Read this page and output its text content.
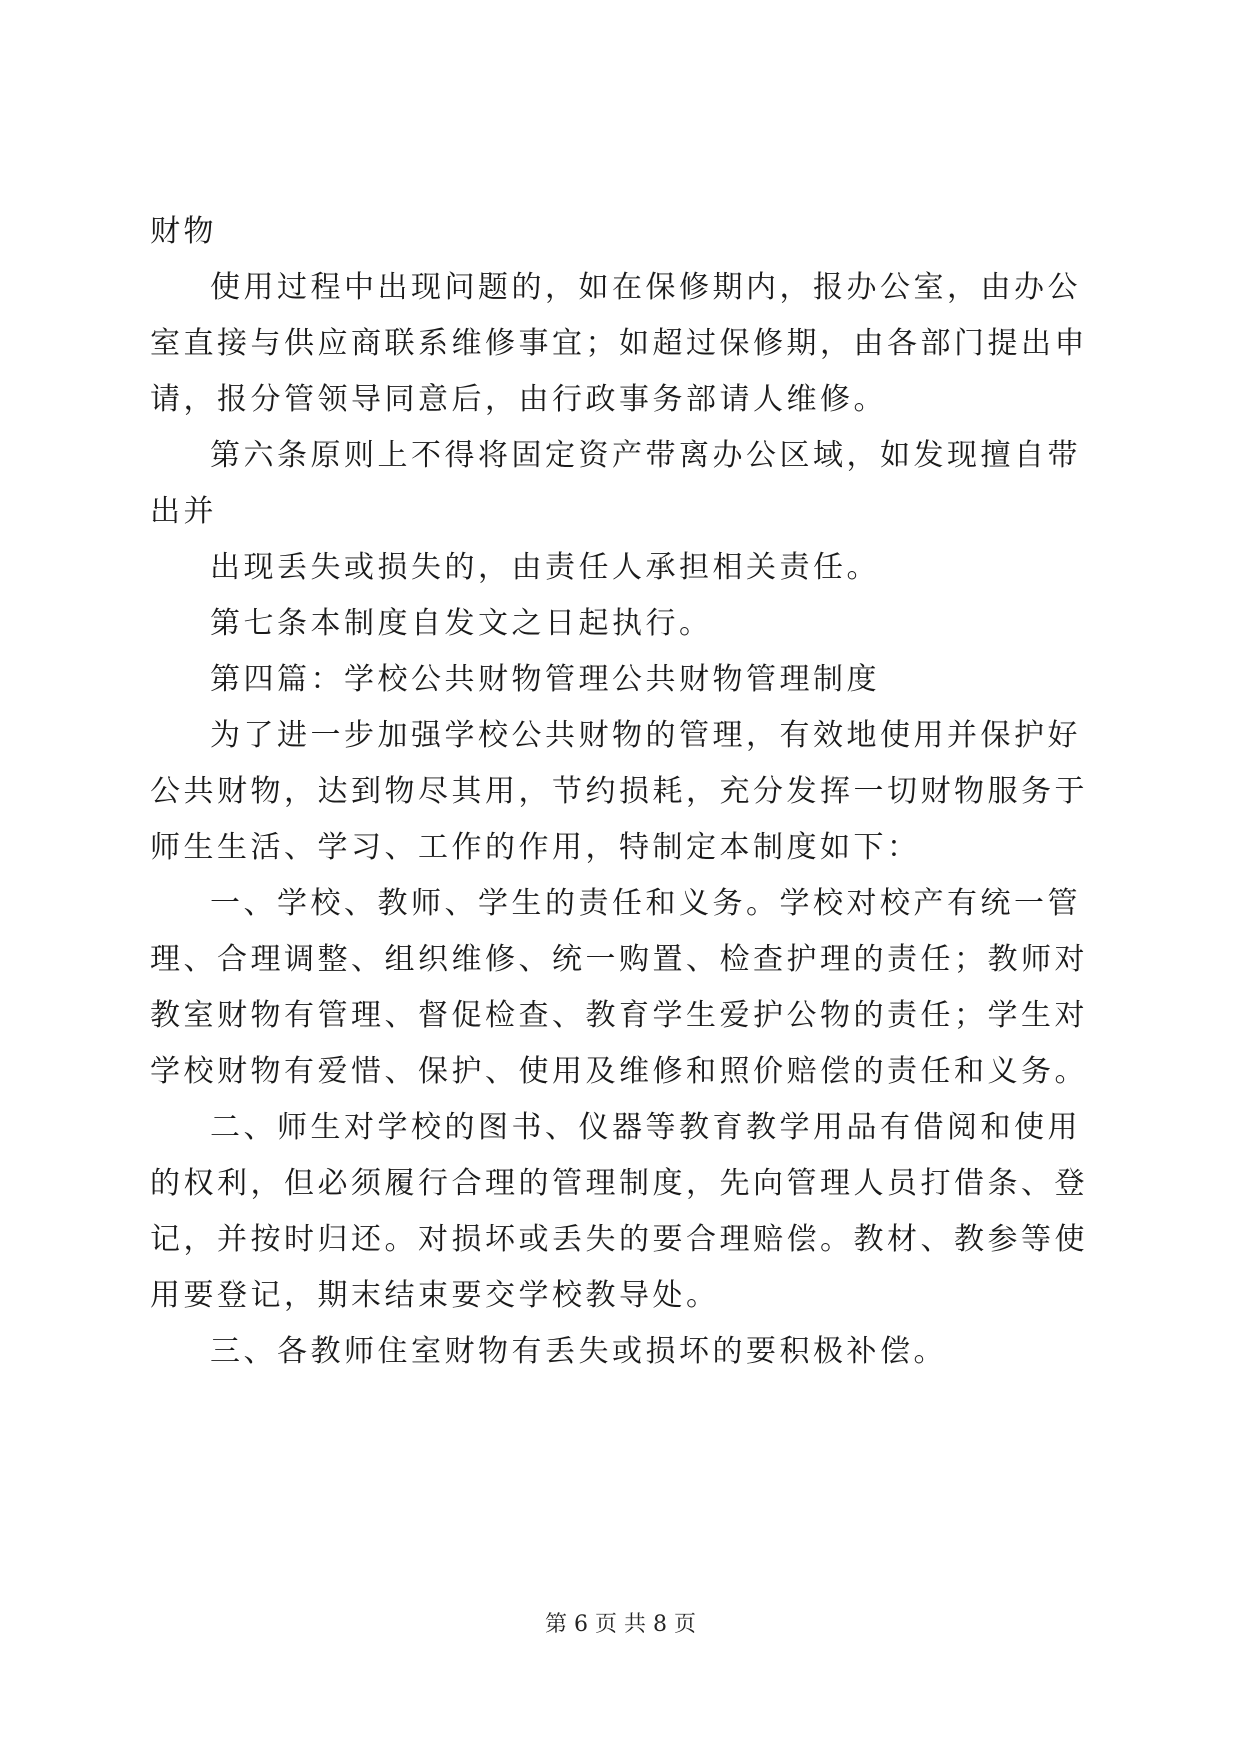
财物
使用过程中出现问题的，如在保修期内，报办公室，由办公
室直接与供应商联系维修事宜；如超过保修期，由各部门提出申
请，报分管领导同意后，由行政事务部请人维修。
第六条原则上不得将固定资产带离办公区域，如发现擅自带
出并
出现丢失或损失的，由责任人承担相关责任。
第七条本制度自发文之日起执行。
第四篇：学校公共财物管理公共财物管理制度
为了进一步加强学校公共财物的管理，有效地使用并保护好
公共财物，达到物尽其用，节约损耗，充分发挥一切财物服务于
师生生活、学习、工作的作用，特制定本制度如下：
一、学校、教师、学生的责任和义务。学校对校产有统一管
理、合理调整、组织维修、统一购置、检查护理的责任；教师对
教室财物有管理、督促检查、教育学生爱护公物的责任；学生对
学校财物有爱惜、保护、使用及维修和照价赔偿的责任和义务。
二、师生对学校的图书、仪器等教育教学用品有借阅和使用
的权利，但必须履行合理的管理制度，先向管理人员打借条、登
记，并按时归还。对损坏或丢失的要合理赔偿。教材、教参等使
用要登记，期末结束要交学校教导处。
三、各教师住室财物有丢失或损坏的要积极补偿。
第 6 页 共 8 页
